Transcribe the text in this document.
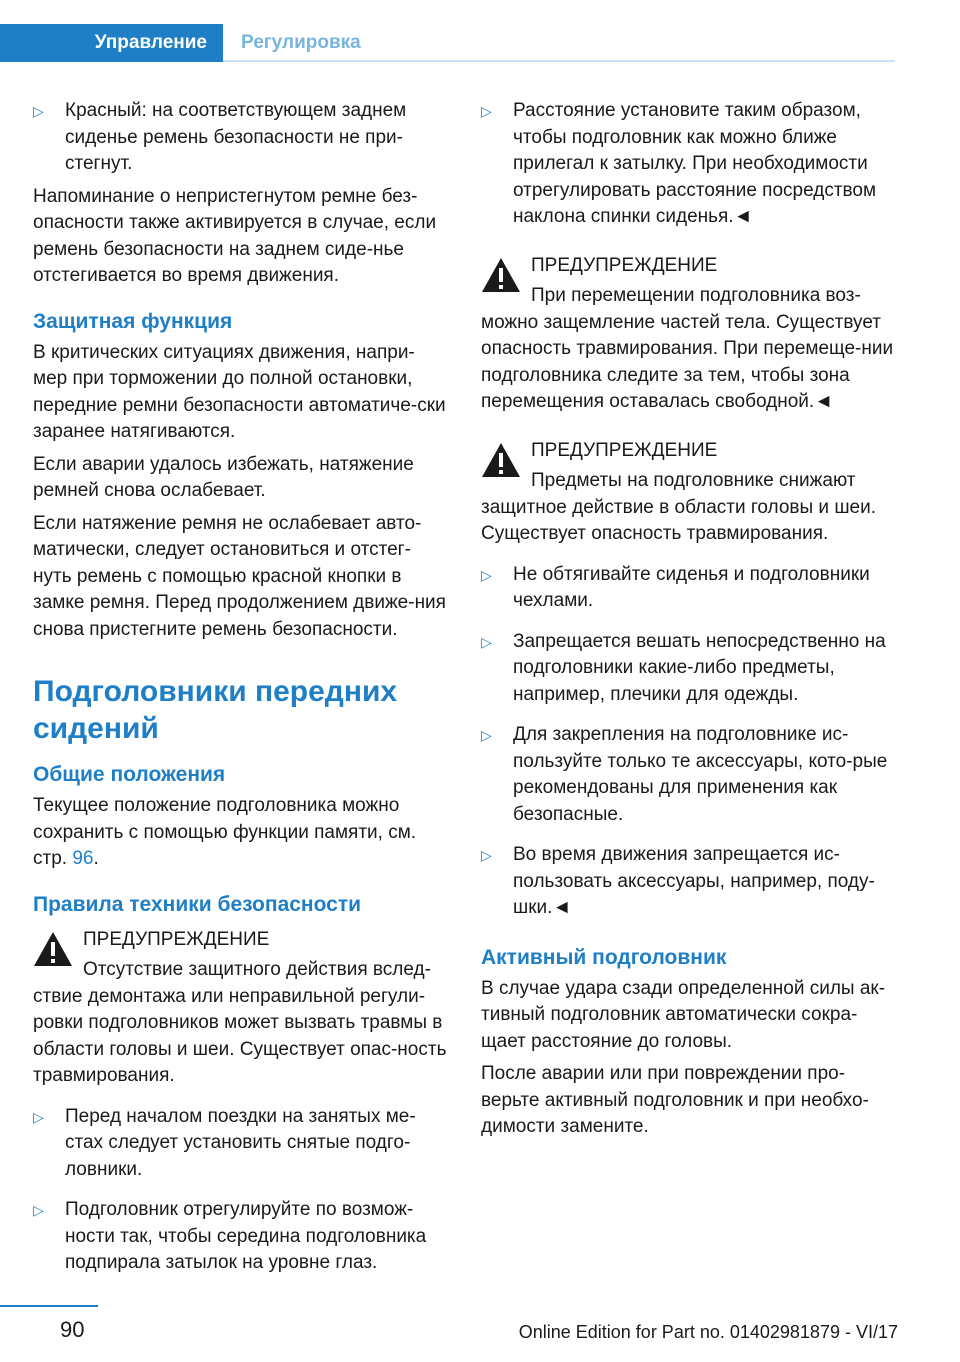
Управление	Регулировка
▷	Красный: на соответствующем заднем сиденье ремень безопасности не при-стегнут.

Напоминание о непристегнутом ремне без-опасности также активируется в случае, если ремень безопасности на заднем сиде-нье отстегивается во время движения.

Защитная функция

В критических ситуациях движения, напри-мер при торможении до полной остановки, передние ремни безопасности автоматиче-ски заранее натягиваются.

Если аварии удалось избежать, натяжение ремней снова ослабевает.

Если натяжение ремня не ослабевает авто-матически, следует остановиться и отстег-нуть ремень с помощью красной кнопки в замке ремня. Перед продолжением движе-ния снова пристегните ремень безопасности.

Подголовники передних сидений
Общие положения

Текущее положение подголовника можно сохранить с помощью функции памяти, см. стр. 96.

Правила техники безопасности
ПРЕДУПРЕЖДЕНИЕ
Отсутствие защитного действия вслед-ствие демонтажа или неправильной регули-ровки подголовников может вызвать травмы в области головы и шеи. Существует опас-ность травмирования.
▷	Перед началом поездки на занятых ме-стах следует установить снятые подго-ловники.
▷	Подголовник отрегулируйте по возмож-ности так, чтобы середина подголовника подпирала затылок на уровне глаз.
▷	Расстояние установите таким образом, чтобы подголовник как можно ближе прилегал к затылку. При необходимости отрегулировать расстояние посредством наклона спинки сиденья.◄
ПРЕДУПРЕЖДЕНИЕ
При перемещении подголовника воз-можно защемление частей тела. Существует опасность травмирования. При перемеще-нии подголовника следите за тем, чтобы зона перемещения оставалась свободной.◄
ПРЕДУПРЕЖДЕНИЕ
Предметы на подголовнике снижают защитное действие в области головы и шеи. Существует опасность травмирования.
▷	Не обтягивайте сиденья и подголовники чехлами.
▷	Запрещается вешать непосредственно на подголовники какие-либо предметы, например, плечики для одежды.
▷	Для закрепления на подголовнике ис-пользуйте только те аксессуары, кото-рые рекомендованы для применения как безопасные.
▷	Во время движения запрещается ис-пользовать аксессуары, например, поду-шки.◄
Активный подголовник

В случае удара сзади определенной силы ак-тивный подголовник автоматически сокра-щает расстояние до головы.

После аварии или при повреждении про-верьте активный подголовник и при необхо-димости замените.

90	Online Edition for Part no. 01402981879 - VI/17
